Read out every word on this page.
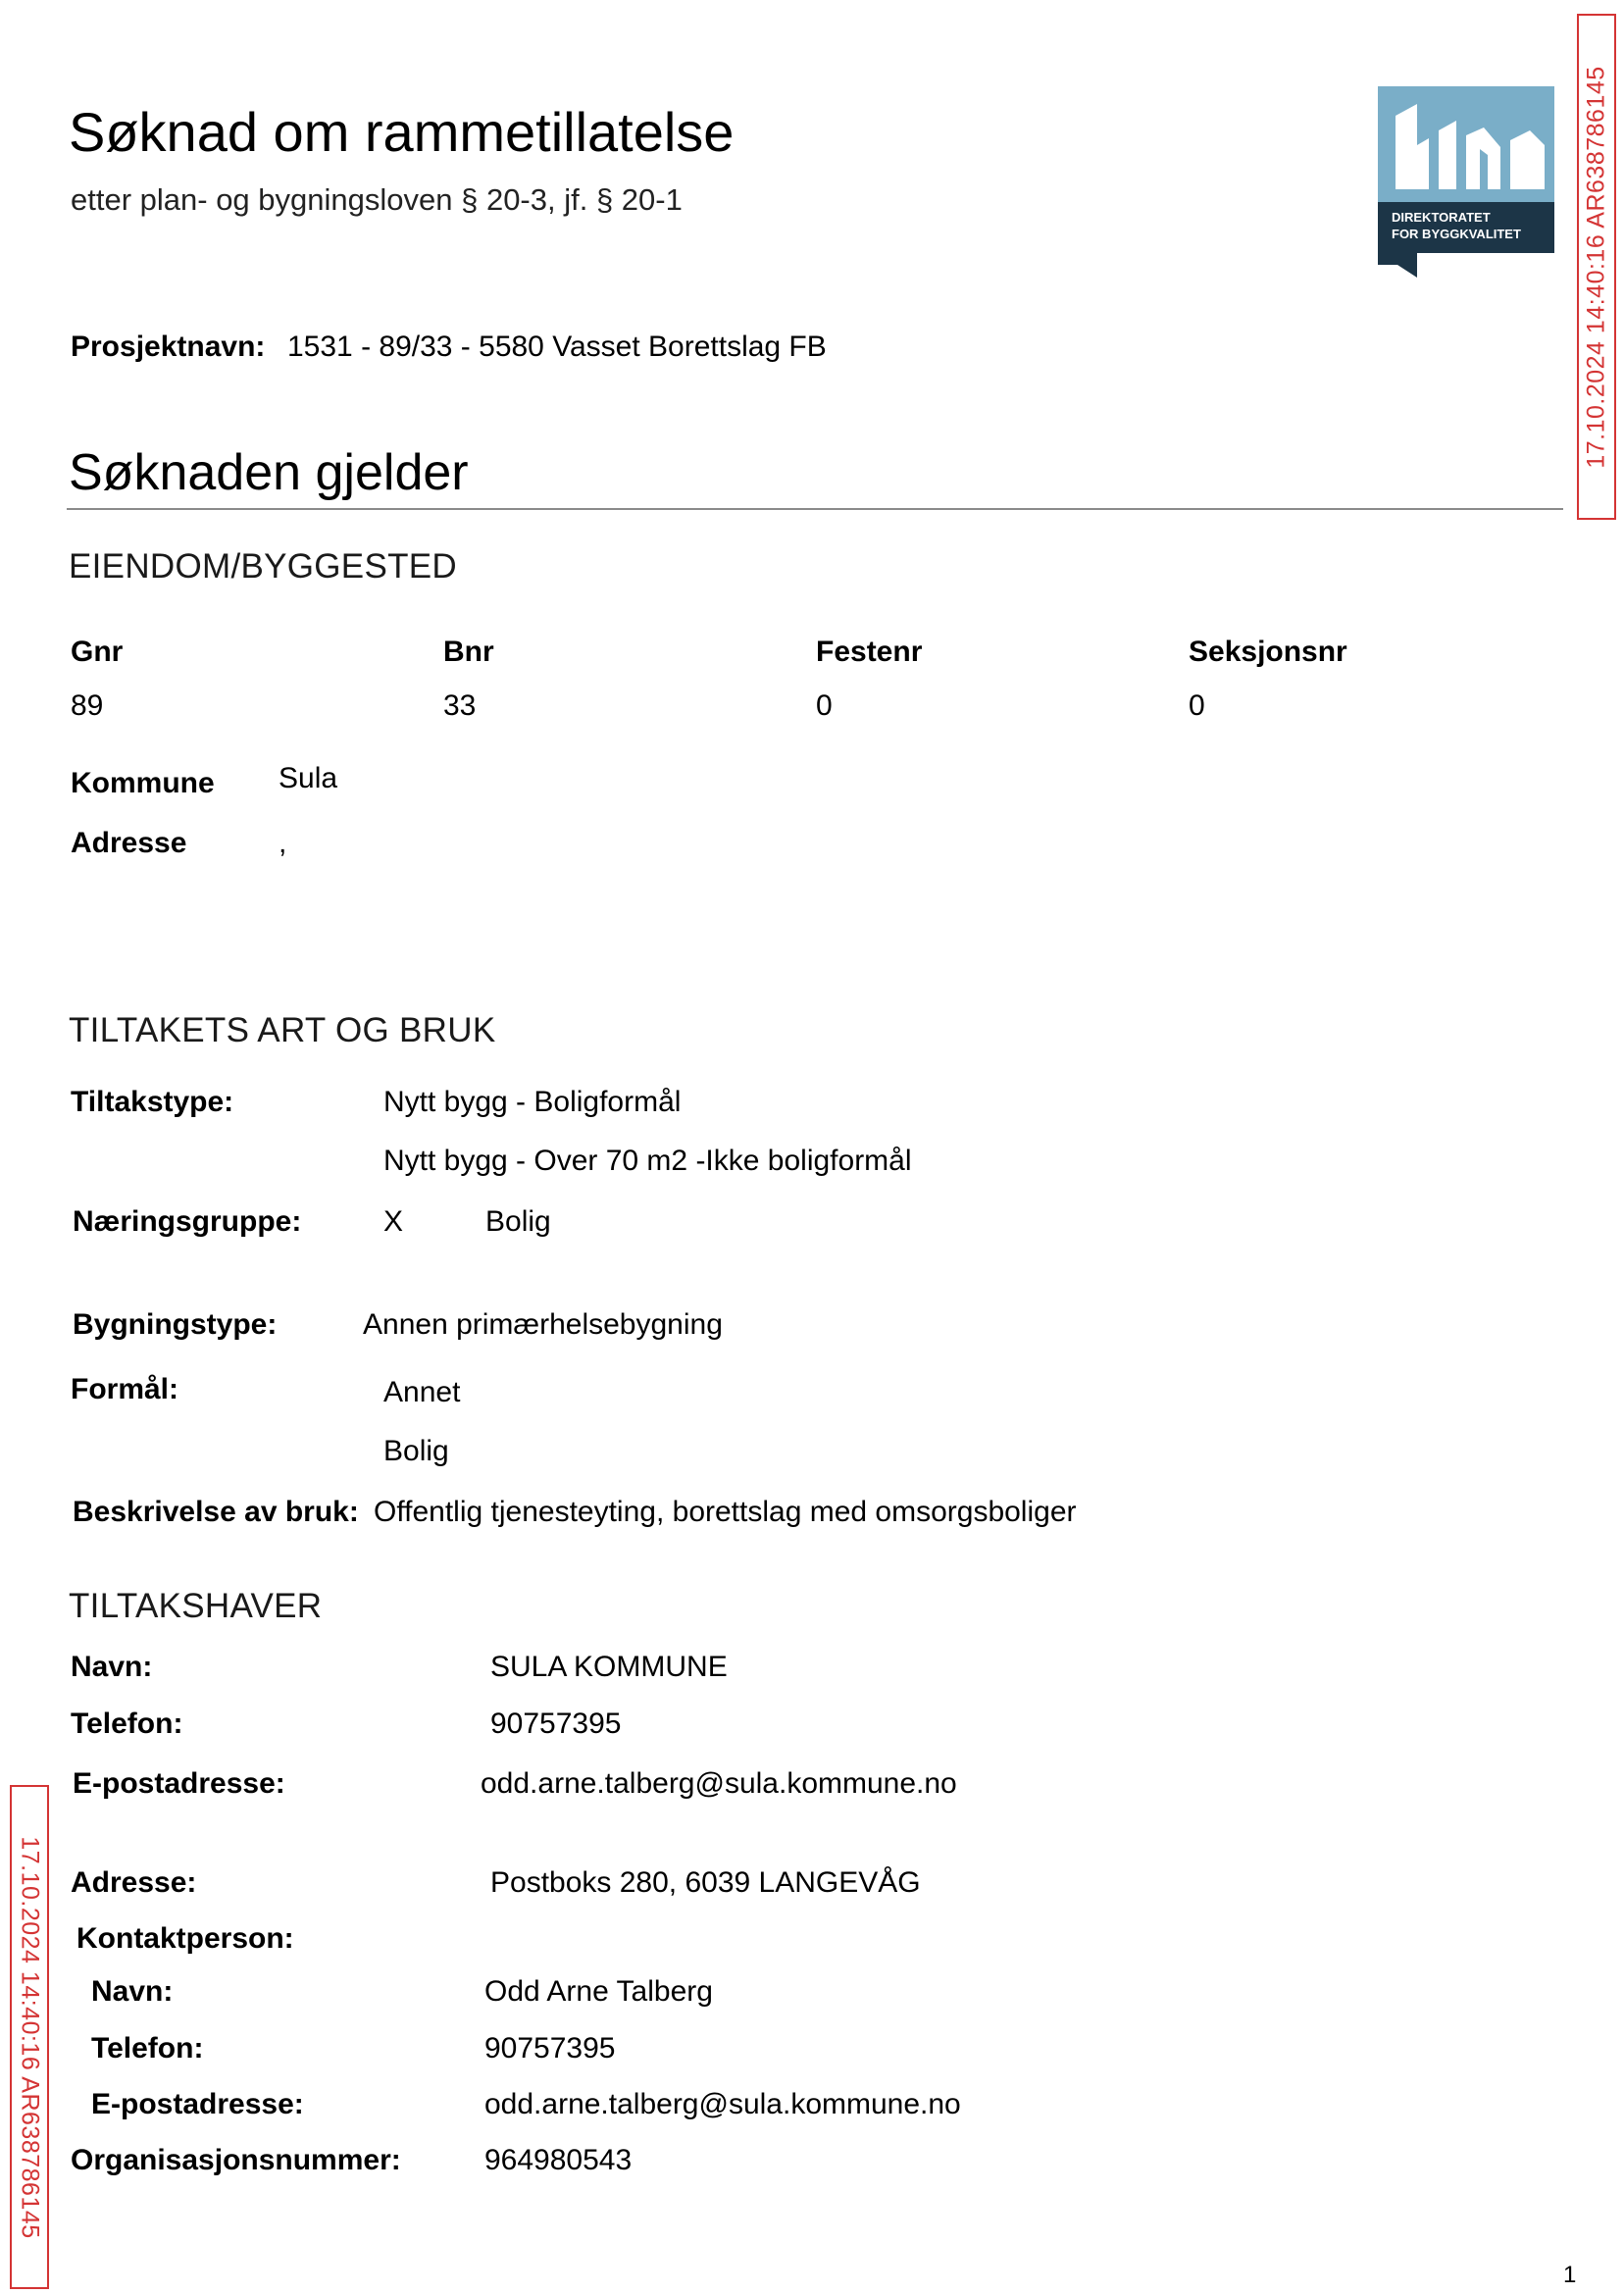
Søknad om rammetillatelse
etter plan- og bygningsloven § 20-3, jf. § 20-1
DIREKTORATET
FOR BYGGKVALITET	17.10.2024 14:40:16 AR638786145
17.10.2024 14:40:16 AR638786145
Prosjektnavn: 1531 - 89/33 - 5580 Vasset Borettslag FB
Søknaden gjelder
EIENDOM/BYGGESTED
Gnr	Bnr	Festenr	Seksjonsnr
89	33	0	0
Kommune Sula
Adresse	,
TILTAKETS ART OG BRUK
Tiltakstype:	Nytt bygg - Boligformål
Nytt bygg - Over 70 m2 -Ikke boligformål
Næringsgruppe:	X	Bolig
Bygningstype:	Annen primærhelsebygning
Formål:	Annet
Bolig
Beskrivelse av bruk: Offentlig tjenesteyting, borettslag med omsorgsboliger
TILTAKSHAVER
Navn:	SULA KOMMUNE
Telefon:	90757395
E-postadresse:	odd.arne.talberg@sula.kommune.no
Adresse:	Postboks 280, 6039 LANGEVÅG
Kontaktperson:
Navn:	Odd Arne Talberg
Telefon:	90757395
E-postadresse:	odd.arne.talberg@sula.kommune.no
Organisasjonsnummer:	964980543
1
